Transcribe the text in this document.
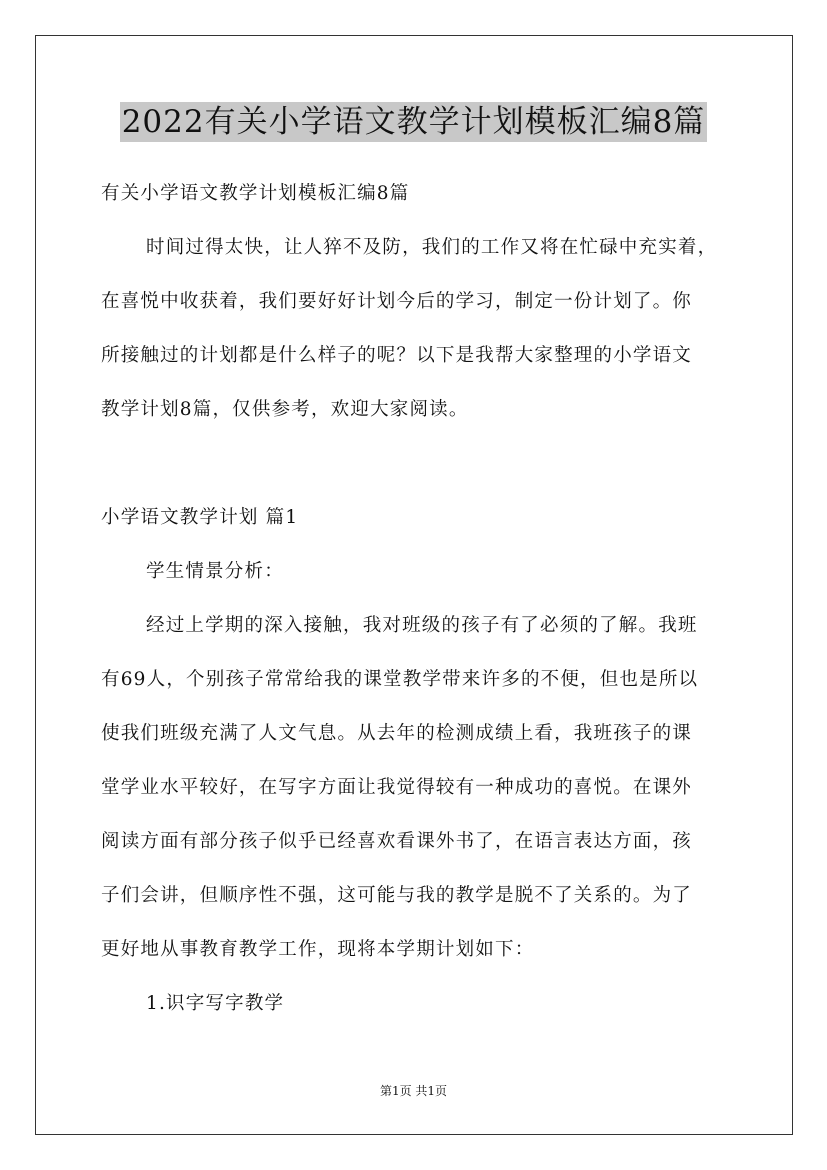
2022有关小学语文教学计划模板汇编8篇
有关小学语文教学计划模板汇编8篇
时间过得太快，让人猝不及防，我们的工作又将在忙碌中充实着，
在喜悦中收获着，我们要好好计划今后的学习，制定一份计划了。你
所接触过的计划都是什么样子的呢？以下是我帮大家整理的小学语文
教学计划8篇，仅供参考，欢迎大家阅读。
小学语文教学计划 篇1
学生情景分析：
经过上学期的深入接触，我对班级的孩子有了必须的了解。我班
有69人，个别孩子常常给我的课堂教学带来许多的不便，但也是所以
使我们班级充满了人文气息。从去年的检测成绩上看，我班孩子的课
堂学业水平较好，在写字方面让我觉得较有一种成功的喜悦。在课外
阅读方面有部分孩子似乎已经喜欢看课外书了，在语言表达方面，孩
子们会讲，但顺序性不强，这可能与我的教学是脱不了关系的。为了
更好地从事教育教学工作，现将本学期计划如下：
1.识字写字教学
第1页 共1页
